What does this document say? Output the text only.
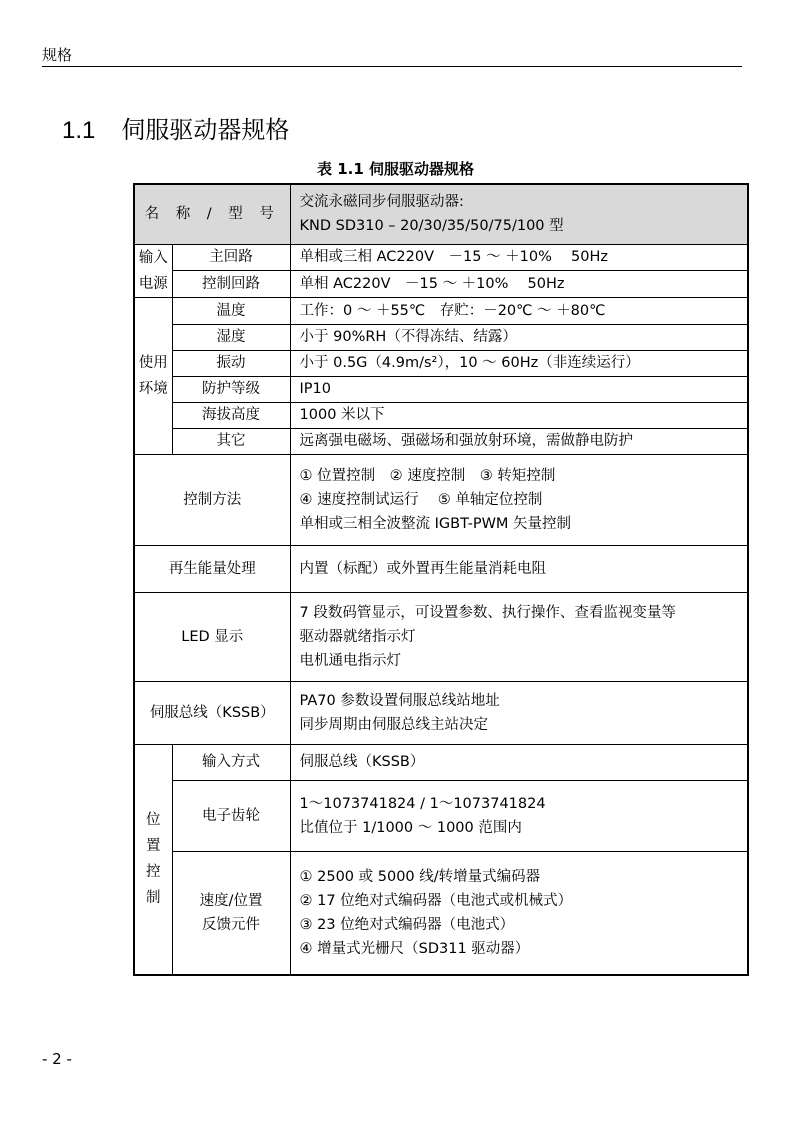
规格
1.1 伺服驱动器规格
表 1.1 伺服驱动器规格
名 称 / 型 号		交流永磁同步伺服驱动器:
KND SD310 – 20/30/35/50/75/100 型

输入
电源	主回路	单相或三相 AC220V　－15 ～ ＋10%　 50Hz
	控制回路	单相 AC220V　－15 ～ ＋10%　 50Hz

使用
环境	温度	工作：0 ～ ＋55℃　存贮：－20℃ ～ ＋80℃
	湿度	小于 90%RH（不得冻结、结露）
	振动	小于 0.5G（4.9m/s²），10 ～ 60Hz（非连续运行）
	防护等级	IP10
	海拔高度	1000 米以下
	其它	远离强电磁场、强磁场和强放射环境，需做静电防护
控制方法		① 位置控制　② 速度控制　③ 转矩控制
④ 速度控制试运行　 ⑤ 单轴定位控制
单相或三相全波整流 IGBT-PWM 矢量控制

再生能量处理		内置（标配）或外置再生能量消耗电阻
LED 显示		7 段数码管显示，可设置参数、执行操作、查看监视变量等
驱动器就绪指示灯
电机通电指示灯

伺服总线（KSSB）		PA70 参数设置伺服总线站地址
同步周期由伺服总线主站决定

位置控制	输入方式	伺服总线（KSSB）
	电子齿轮	1～1073741824 / 1～1073741824
比值位于 1/1000 ～ 1000 范围内

	速度/位置
反馈元件	① 2500 或 5000 线/转增量式编码器
② 17 位绝对式编码器（电池式或机械式）
③ 23 位绝对式编码器（电池式）
④ 增量式光栅尺（SD311 驱动器）
- 2 -
